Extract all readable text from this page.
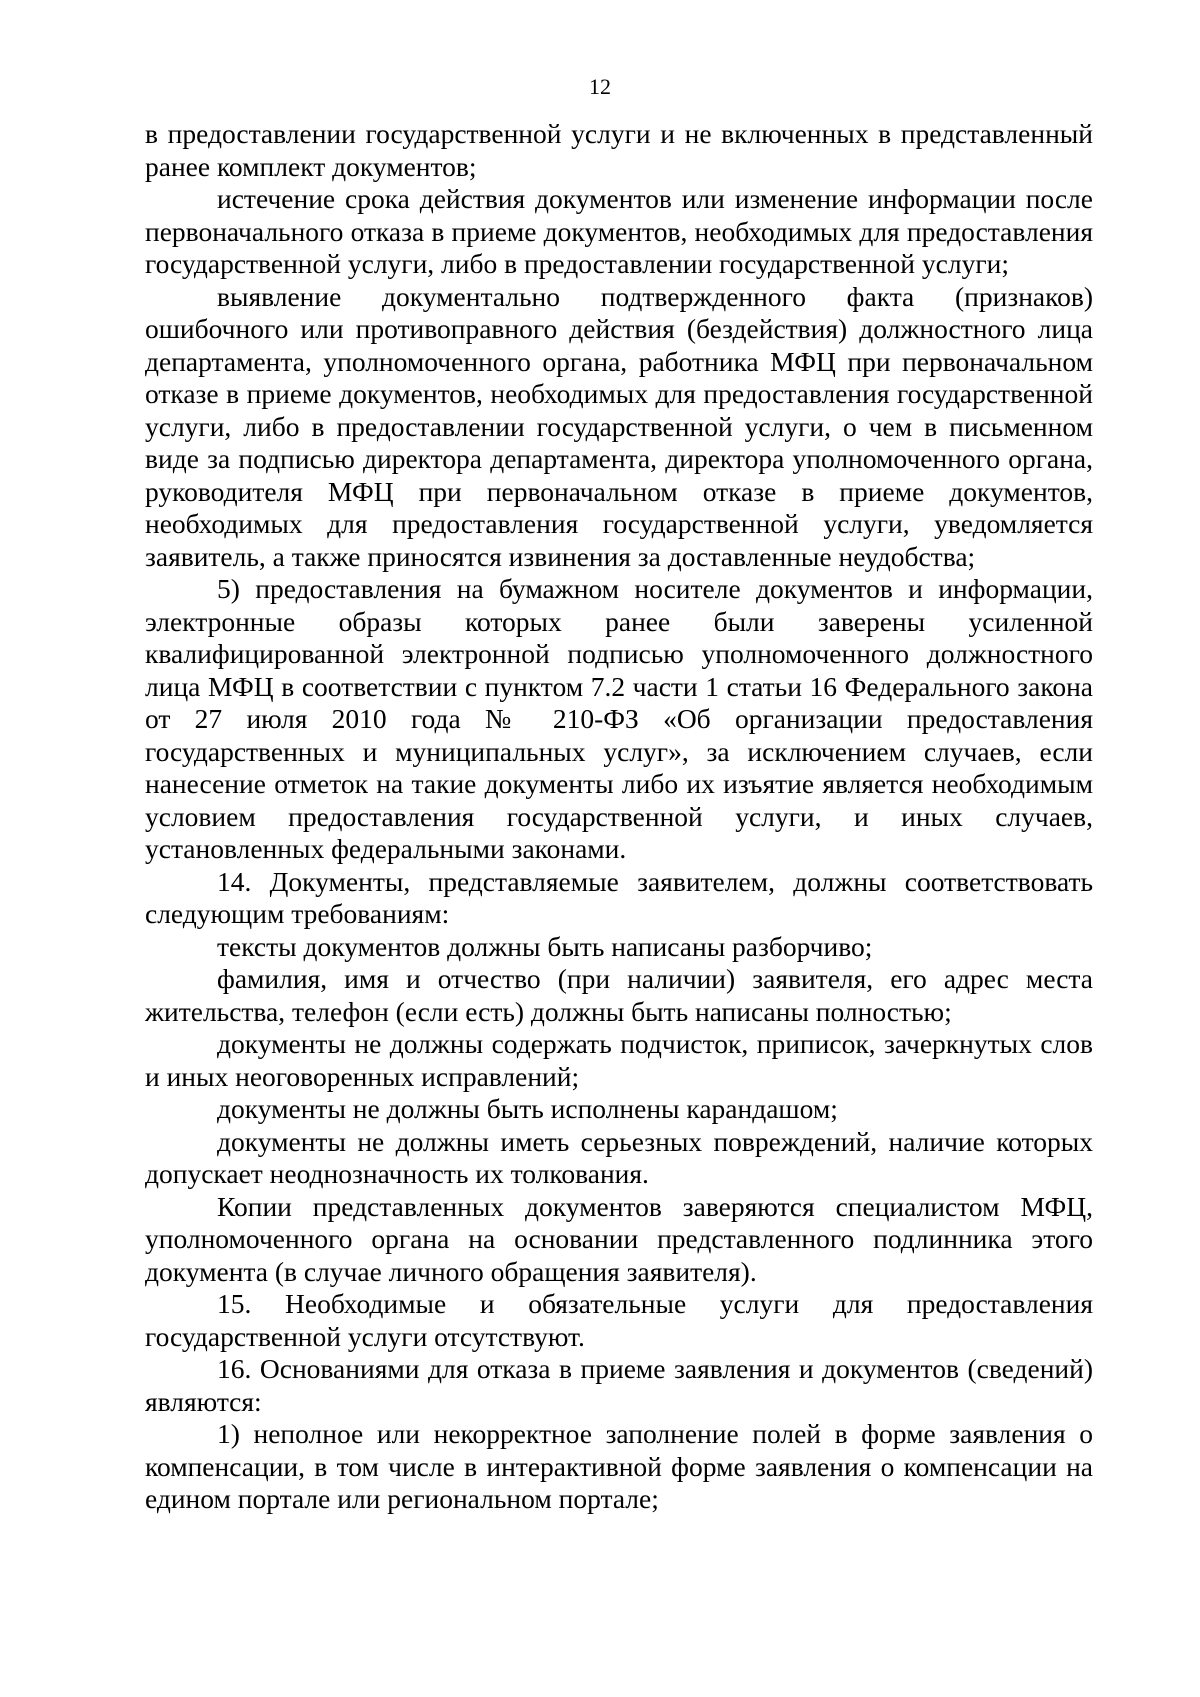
12

в предоставлении государственной услуги и не включенных в представленный ранее комплект документов;

истечение срока действия документов или изменение информации после первоначального отказа в приеме документов, необходимых для предоставления государственной услуги, либо в предоставлении государственной услуги;

выявление документально подтвержденного факта (признаков) ошибочного или противоправного действия (бездействия) должностного лица департамента, уполномоченного органа, работника МФЦ при первоначальном отказе в приеме документов, необходимых для предоставления государственной услуги, либо в предоставлении государственной услуги, о чем в письменном виде за подписью директора департамента, директора уполномоченного органа, руководителя МФЦ при первоначальном отказе в приеме документов, необходимых для предоставления государственной услуги, уведомляется заявитель, а также приносятся извинения за доставленные неудобства;

5) предоставления на бумажном носителе документов и информации, электронные образы которых ранее были заверены усиленной квалифицированной электронной подписью уполномоченного должностного лица МФЦ в соответствии с пунктом 7.2 части 1 статьи 16 Федерального закона от 27 июля 2010 года № 210-ФЗ «Об организации предоставления государственных и муниципальных услуг», за исключением случаев, если нанесение отметок на такие документы либо их изъятие является необходимым условием предоставления государственной услуги, и иных случаев, установленных федеральными законами.

14. Документы, представляемые заявителем, должны соответствовать следующим требованиям:

тексты документов должны быть написаны разборчиво;

фамилия, имя и отчество (при наличии) заявителя, его адрес места жительства, телефон (если есть) должны быть написаны полностью;

документы не должны содержать подчисток, приписок, зачеркнутых слов и иных неоговоренных исправлений;

документы не должны быть исполнены карандашом;

документы не должны иметь серьезных повреждений, наличие которых допускает неоднозначность их толкования.

Копии представленных документов заверяются специалистом МФЦ, уполномоченного органа на основании представленного подлинника этого документа (в случае личного обращения заявителя).

15. Необходимые и обязательные услуги для предоставления государственной услуги отсутствуют.

16. Основаниями для отказа в приеме заявления и документов (сведений) являются:

1) неполное или некорректное заполнение полей в форме заявления о компенсации, в том числе в интерактивной форме заявления о компенсации на едином портале или региональном портале;
